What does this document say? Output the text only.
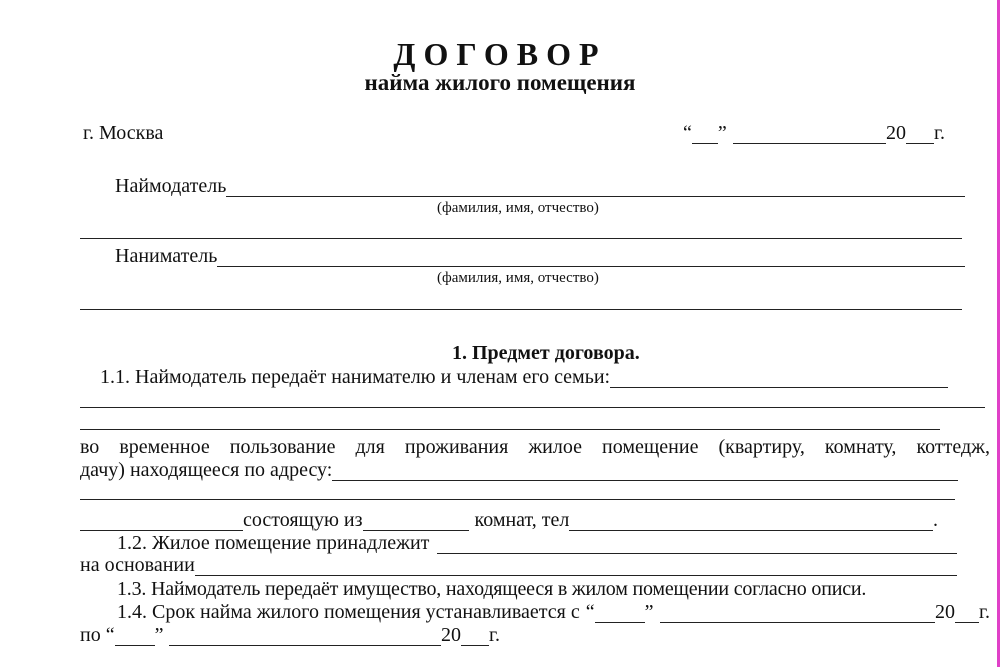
ДОГОВОР
найма жилого помещения
г. Москва	“ ”	20 г.
Наймодатель
(фамилия, имя, отчество)
Наниматель
(фамилия, имя, отчество)
1. Предмет договора.
1.1. Наймодатель передаёт нанимателю и членам его семьи:
во временное пользование для проживания жилое помещение (квартиру, комнату, коттедж,
дачу) находящееся по адресу:
состоящую из	комнат, тел	.
1.2. Жилое помещение принадлежит
на основании
1.3. Наймодатель передаёт имущество, находящееся в жилом помещении согласно описи.
1.4. Срок найма жилого помещения устанавливается с “	”	20 г.
по “ ”	20 г.
